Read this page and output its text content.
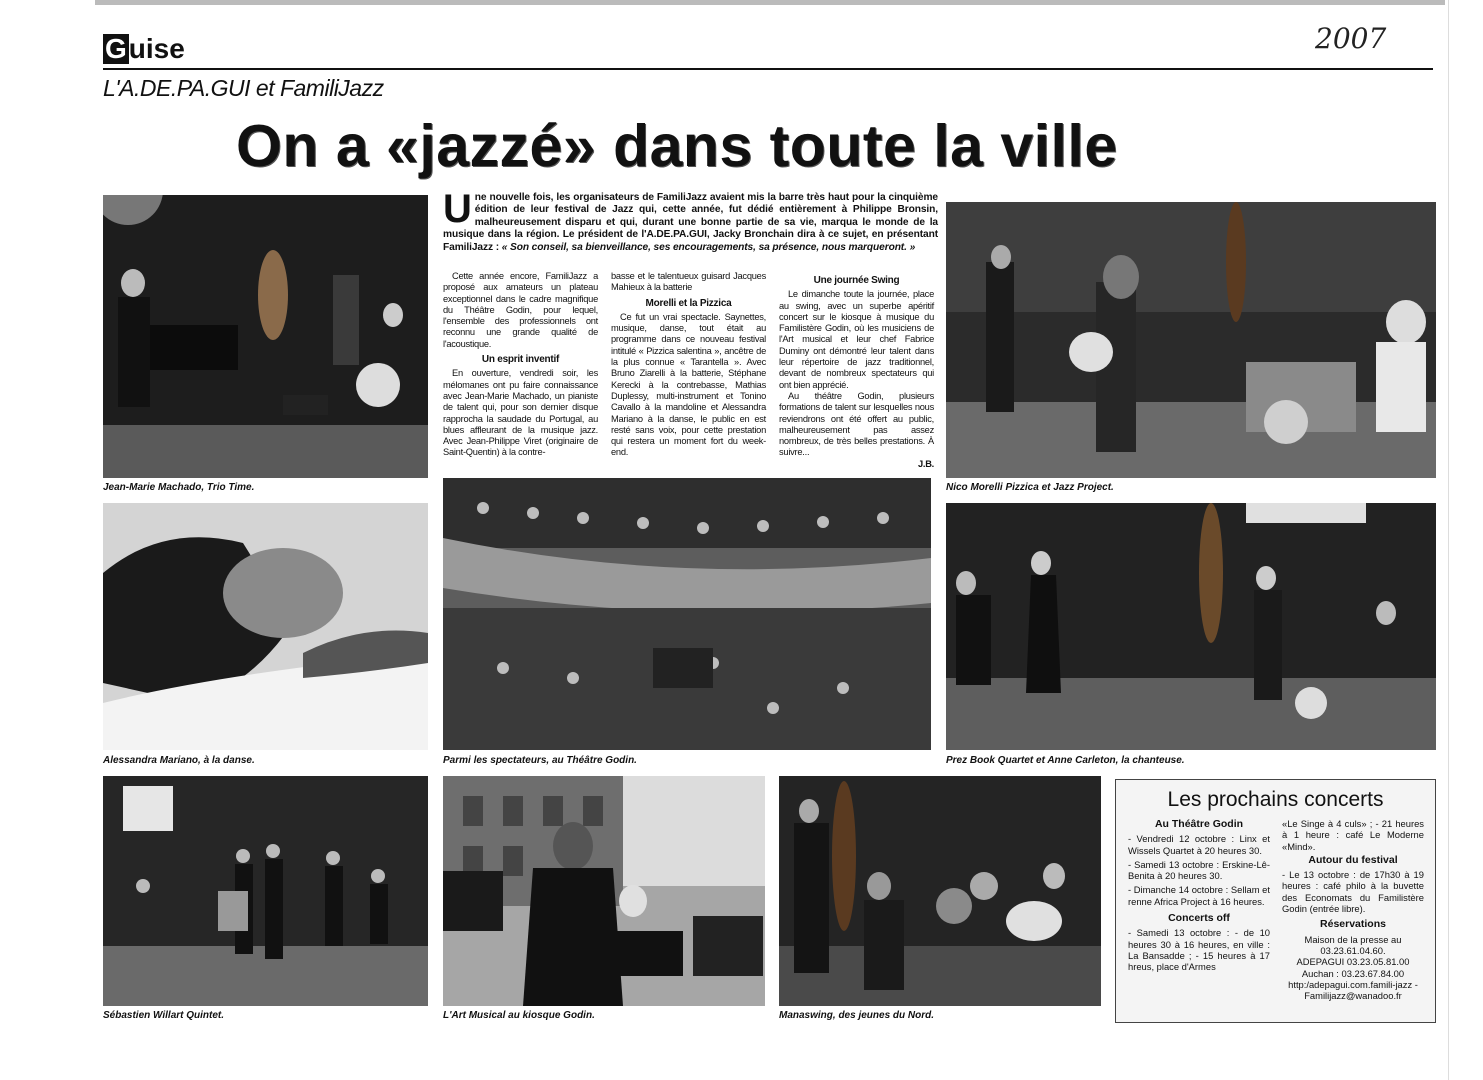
Guise	2007
L'A.DE.PA.GUI et FamiliJazz
On a «jazzé» dans toute la ville
Jean-Marie Machado, Trio Time.
Une nouvelle fois, les organisateurs de FamiliJazz avaient mis la barre très haut pour la cinquième édition de leur festival de Jazz qui, cette année, fut dédié entièrement à Philippe Bronsin, malheureusement disparu et qui, durant une bonne partie de sa vie, marqua le monde de la musique dans la région. Le président de l'A.DE.PA.GUI, Jacky Bronchain dira à ce sujet, en présentant FamiliJazz : « Son conseil, sa bienveillance, ses encouragements, sa présence, nous marqueront. »

Cette année encore, FamiliJazz a proposé aux amateurs un plateau exceptionnel dans le cadre magnifique du Théâtre Godin, pour lequel, l'ensemble des professionnels ont reconnu une grande qualité de l'acoustique.

Un esprit inventif

En ouverture, vendredi soir, les mélomanes ont pu faire connaissance avec Jean-Marie Machado, un pianiste de talent qui, pour son dernier disque rapprocha la saudade du Portugal, au blues affleurant de la musique jazz. Avec Jean-Philippe Viret (originaire de Saint-Quentin) à la contre-

basse et le talentueux guisard Jacques Mahieux à la batterie

Morelli et la Pizzica

Ce fut un vrai spectacle. Saynettes, musique, danse, tout était au programme dans ce nouveau festival intitulé « Pizzica salentina », ancêtre de la plus connue « Tarantella ». Avec Bruno Ziarelli à la batterie, Stéphane Kerecki à la contrebasse, Mathias Duplessy, multi-instrument et Tonino Cavallo à la mandoline et Alessandra Mariano à la danse, le public en est resté sans voix, pour cette prestation qui restera un moment fort du week-end.

Une journée Swing

Le dimanche toute la journée, place au swing, avec un superbe apéritif concert sur le kiosque à musique du Familistère Godin, où les musiciens de l'Art musical et leur chef Fabrice Duminy ont démontré leur talent dans leur répertoire de jazz traditionnel, devant de nombreux spectateurs qui ont bien apprécié.

Au théâtre Godin, plusieurs formations de talent sur lesquelles nous reviendrons ont été offert au public, malheureusement pas assez nombreux, de très belles prestations. À suivre...

J.B.
Nico Morelli Pizzica et Jazz Project.
Alessandra Mariano, à la danse.	Parmi les spectateurs, au Théâtre Godin.	Prez Book Quartet et Anne Carleton, la chanteuse.
Sébastien Willart Quintet.	L'Art Musical au kiosque Godin.	Manaswing, des jeunes du Nord.
Les prochains concerts
Au Théâtre Godin

- Vendredi 12 octobre : Linx et Wissels Quartet à 20 heures 30.

- Samedi 13 octobre : Erskine-Lê-Benita à 20 heures 30.

- Dimanche 14 octobre : Sellam et renne Africa Project à 16 heures.

Concerts off

- Samedi 13 octobre : - de 10 heures 30 à 16 heures, en ville : La Bansadde ; - 15 heures à 17 hreus, place d'Armes

«Le Singe à 4 culs» ; - 21 heures à 1 heure : café Le Moderne «Mind».

Autour du festival

- Le 13 octobre : de 17h30 à 19 heures : café philo à la buvette des Economats du Familistère Godin (entrée libre).

Réservations

Maison de la presse au 03.23.61.04.60.

ADEPAGUI 03.23.05.81.00

Auchan : 03.23.67.84.00

http:/adepagui.com.famili-jazz - Familijazz@wanadoo.fr
